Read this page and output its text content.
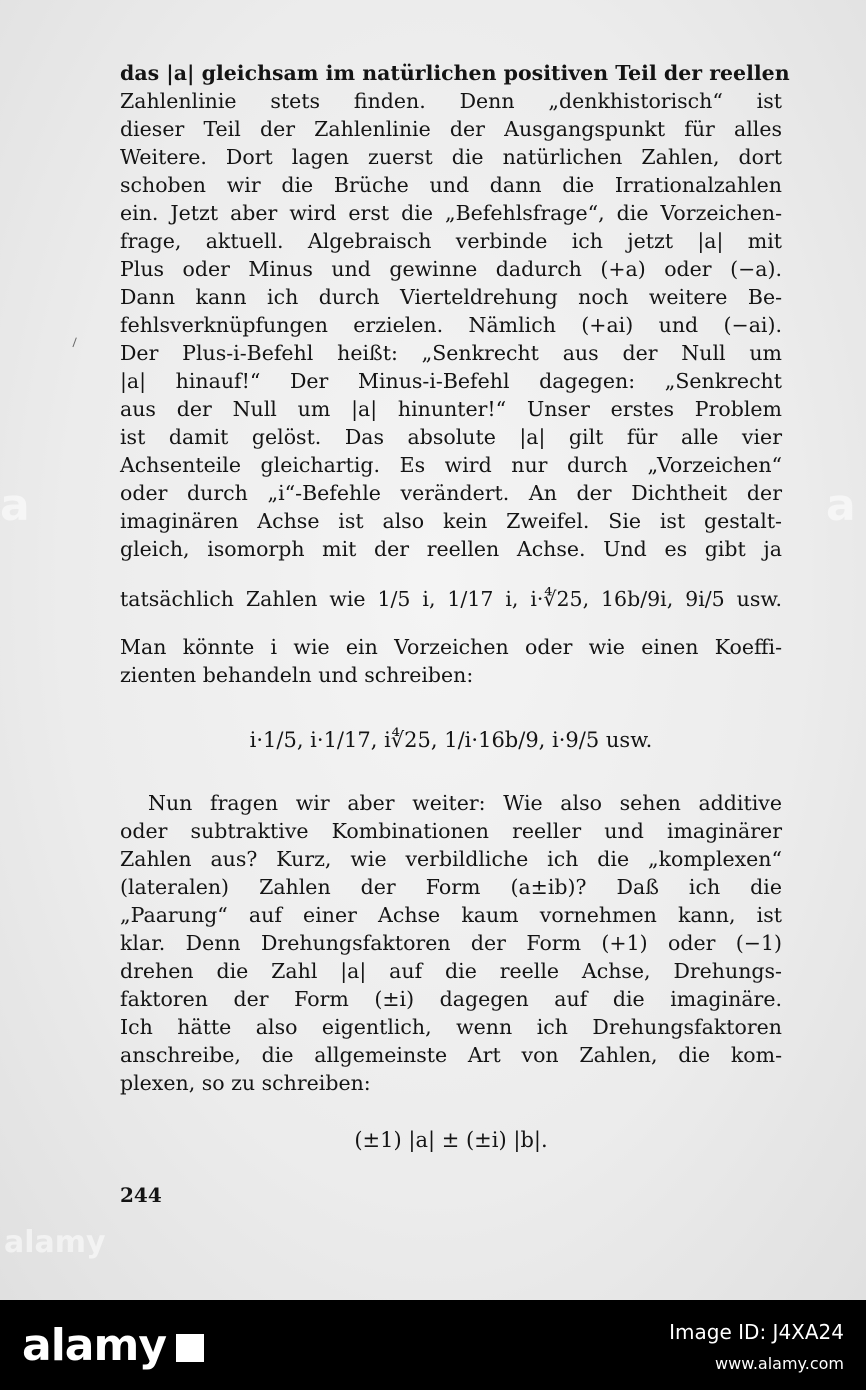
a	a
das |a| gleichsam im natürlichen positiven Teil der reellen
Zahlenlinie stets finden. Denn „denkhistorisch“ ist
dieser Teil der Zahlenlinie der Ausgangspunkt für alles
Weitere. Dort lagen zuerst die natürlichen Zahlen, dort
schoben wir die Brüche und dann die Irrationalzahlen
ein. Jetzt aber wird erst die „Befehlsfrage“, die Vorzeichen-
frage, aktuell. Algebraisch verbinde ich jetzt |a| mit
Plus oder Minus und gewinne dadurch (+a) oder (−a).
Dann kann ich durch Vierteldrehung noch weitere Be-
fehlsverknüpfungen erzielen. Nämlich (+ai) und (−ai).
Der Plus-i-Befehl heißt: „Senkrecht aus der Null um
|a| hinauf!“ Der Minus-i-Befehl dagegen: „Senkrecht
aus der Null um |a| hinunter!“ Unser erstes Problem
ist damit gelöst. Das absolute |a| gilt für alle vier
Achsenteile gleichartig. Es wird nur durch „Vorzeichen“
oder durch „i“-Befehle verändert. An der Dichtheit der
imaginären Achse ist also kein Zweifel. Sie ist gestalt-
gleich, isomorph mit der reellen Achse. Und es gibt ja
tatsächlich Zahlen wie 1/5 i, 1/17 i, i·∜25, 16b/9i, 9i/5 usw.
Man könnte i wie ein Vorzeichen oder wie einen Koeffi-
zienten behandeln und schreiben:
i·1/5, i·1/17, i∜25, 1/i·16b/9, i·9/5 usw.
Nun fragen wir aber weiter: Wie also sehen additive
oder subtraktive Kombinationen reeller und imaginärer
Zahlen aus? Kurz, wie verbildliche ich die „komplexen“
(lateralen) Zahlen der Form (a±ib)? Daß ich die
„Paarung“ auf einer Achse kaum vornehmen kann, ist
klar. Denn Drehungsfaktoren der Form (+1) oder (−1)
drehen die Zahl |a| auf die reelle Achse, Drehungs-
faktoren der Form (±i) dagegen auf die imaginäre.
Ich hätte also eigentlich, wenn ich Drehungsfaktoren
anschreibe, die allgemeinste Art von Zahlen, die kom-
plexen, so zu schreiben:
(±1) |a| ± (±i) |b|.
244
alamy
alamy	Image ID: J4XA24
www.alamy.com
